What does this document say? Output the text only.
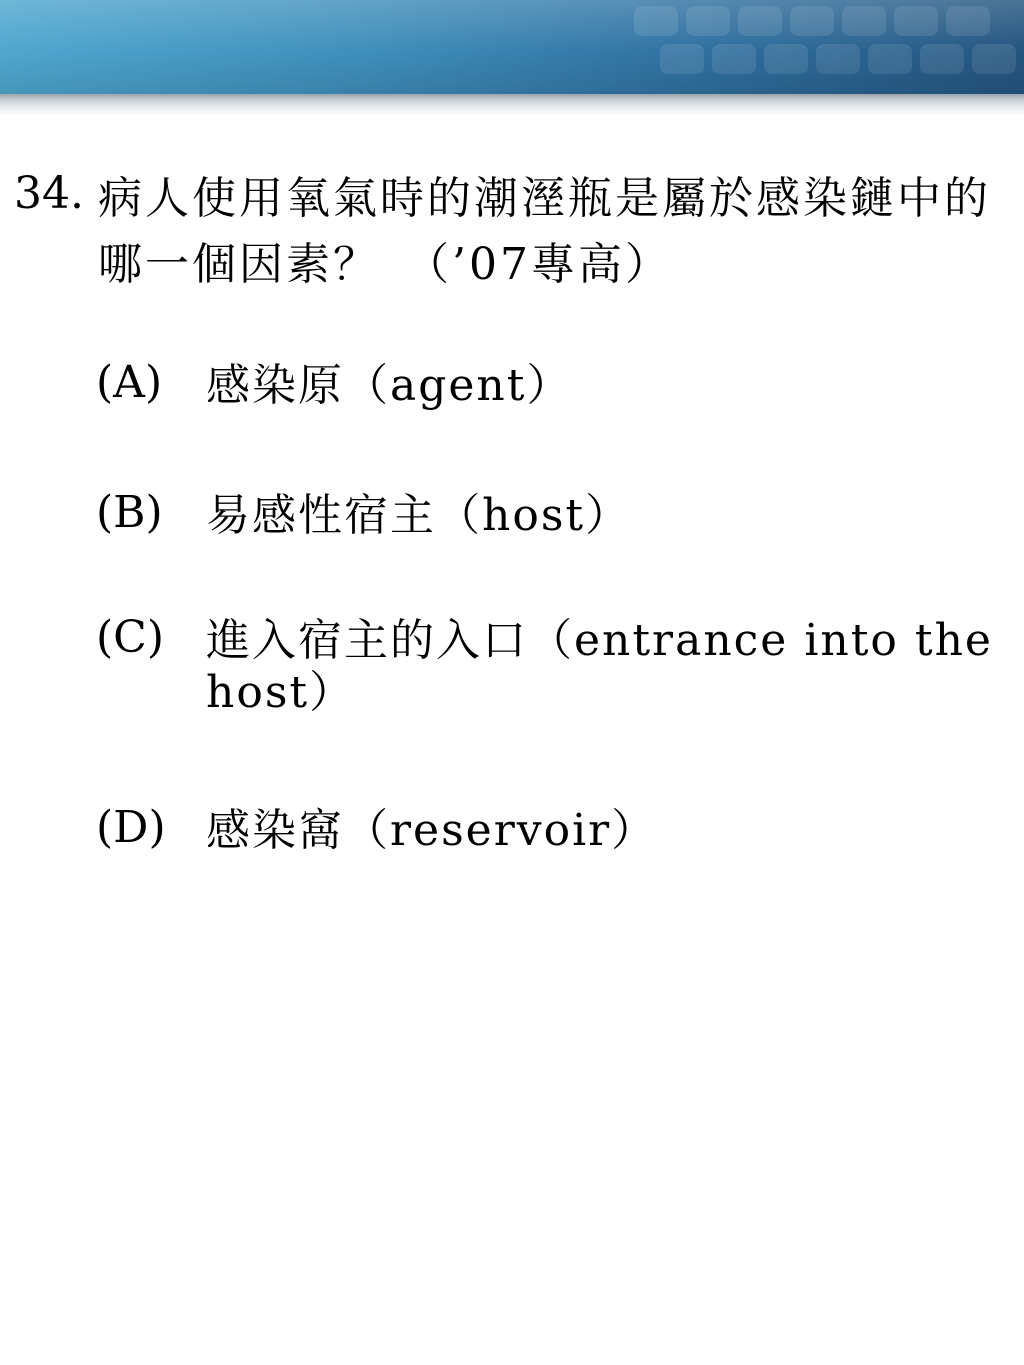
34. 病人使用氧氣時的潮溼瓶是屬於感染鏈中的哪一個因素？　（’07專高）
(A) 感染原（agent）
(B) 易感性宿主（host）
(C) 進入宿主的入口（entrance into the host）
(D) 感染窩（reservoir）
